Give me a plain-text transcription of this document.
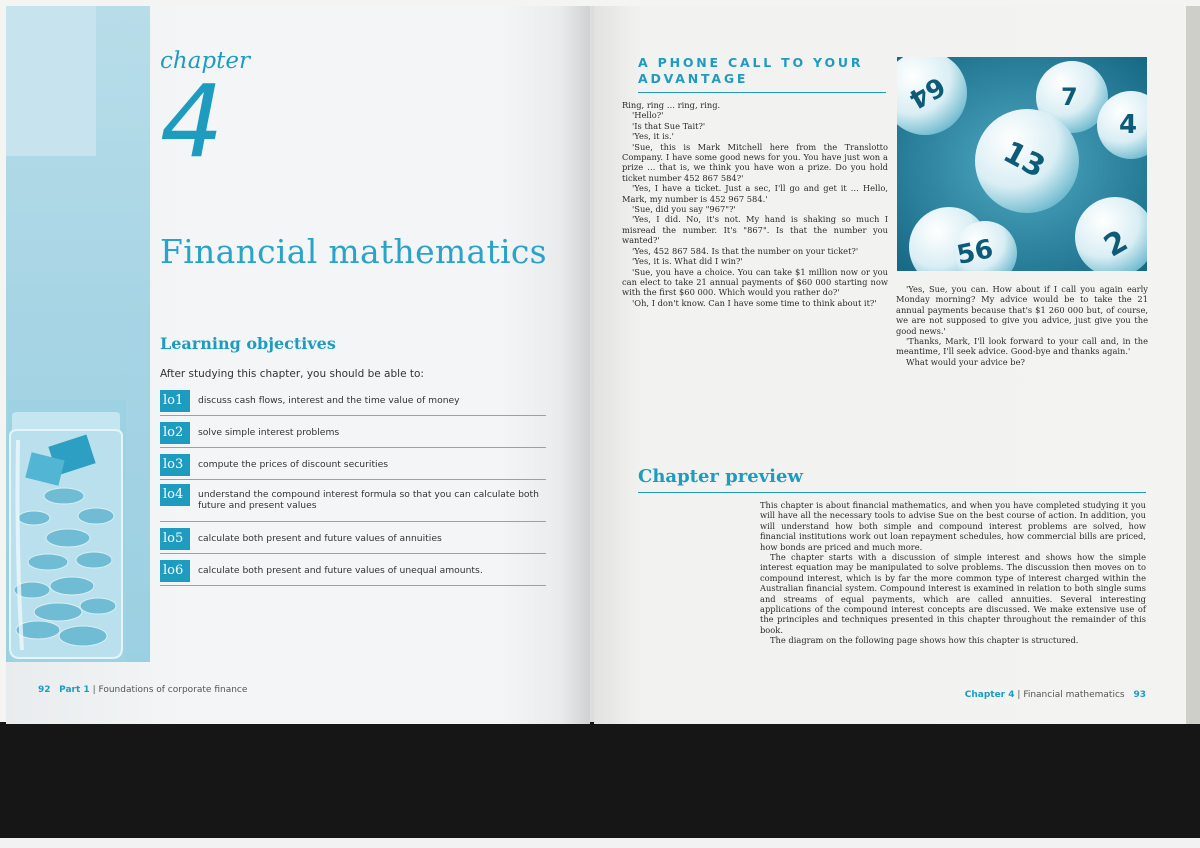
chapter
4
Financial mathematics
Learning objectives
After studying this chapter, you should be able to:
lo1	discuss cash flows, interest and the time value of money
lo2	solve simple interest problems
lo3	compute the prices of discount securities
lo4	understand the compound interest formula so that you can calculate both future and present values
lo5	calculate both present and future values of annuities
lo6	calculate both present and future values of unequal amounts.
92 Part 1 | Foundations of corporate finance
A PHONE CALL TO YOUR ADVANTAGE

Ring, ring … ring, ring.

'Hello?'

'Is that Sue Tait?'

'Yes, it is.'

'Sue, this is Mark Mitchell here from the Translotto Company. I have some good news for you. You have just won a prize … that is, we think you have won a prize. Do you hold ticket number 452 867 584?'

'Yes, I have a ticket. Just a sec, I'll go and get it … Hello, Mark, my number is 452 967 584.'

'Sue, did you say "967"?'

'Yes, I did. No, it's not. My hand is shaking so much I misread the number. It's "867". Is that the number you wanted?'

'Yes, 452 867 584. Is that the number on your ticket?'

'Yes, it is. What did I win?'

'Sue, you have a choice. You can take $1 million now or you can elect to take 21 annual payments of $60 000 starting now with the first $60 000. Which would you rather do?'

'Oh, I don't know. Can I have some time to think about it?'

64	7
4
13
56	2

'Yes, Sue, you can. How about if I call you again early Monday morning? My advice would be to take the 21 annual payments because that's $1 260 000 but, of course, we are not supposed to give you advice, just give you the good news.'

'Thanks, Mark, I'll look forward to your call and, in the meantime, I'll seek advice. Good-bye and thanks again.'

What would your advice be?

Chapter preview

This chapter is about financial mathematics, and when you have completed studying it you will have all the necessary tools to advise Sue on the best course of action. In addition, you will understand how both simple and compound interest problems are solved, how financial institutions work out loan repayment schedules, how commercial bills are priced, how bonds are priced and much more.

The chapter starts with a discussion of simple interest and shows how the simple interest equation may be manipulated to solve problems. The discussion then moves on to compound interest, which is by far the more common type of interest charged within the Australian financial system. Compound interest is examined in relation to both single sums and streams of equal payments, which are called annuities. Several interesting applications of the compound interest concepts are discussed. We make extensive use of the principles and techniques presented in this chapter throughout the remainder of this book.

The diagram on the following page shows how this chapter is structured.

Chapter 4 | Financial mathematics 93
